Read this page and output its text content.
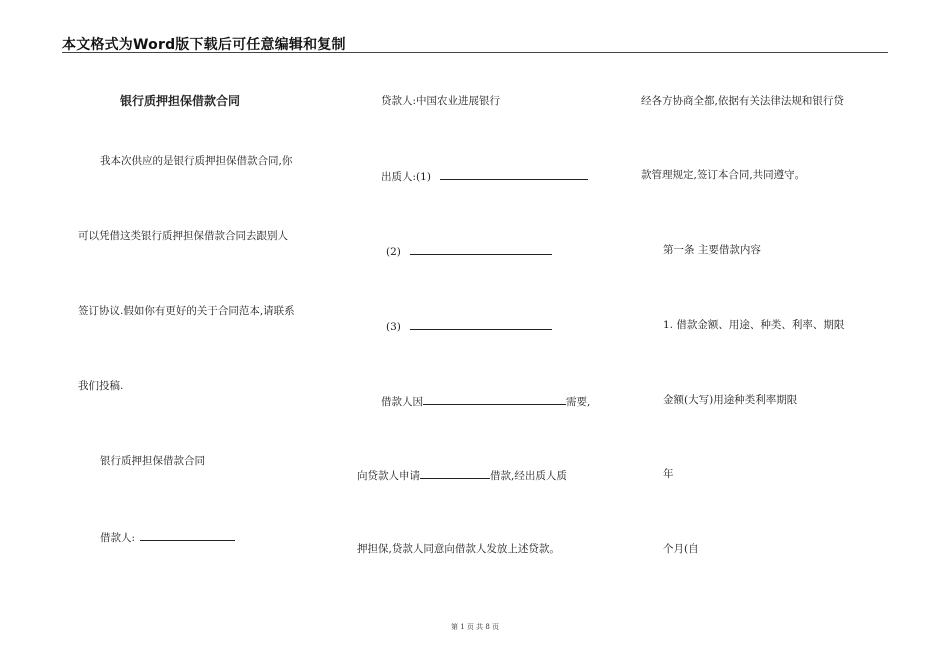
本文格式为Word版下载后可任意编辑和复制
银行质押担保借款合同
我本次供应的是银行质押担保借款合同,你
可以凭借这类银行质押担保借款合同去跟别人
签订协议.假如你有更好的关于合同范本,请联系
我们投稿.
银行质押担保借款合同
借款人:
贷款人:中国农业进展银行
出质人:(1)
(2)
(3)
借款人因	需要,
向贷款人申请	借款,经出质人质
押担保,贷款人同意向借款人发放上述贷款。
经各方协商全都,依据有关法律法规和银行贷
款管理规定,签订本合同,共同遵守。
第一条 主要借款内容
1. 借款金额、用途、种类、利率、期限
金额(大写)用途种类利率期限
年
个月(自
第 1 页 共 8 页
